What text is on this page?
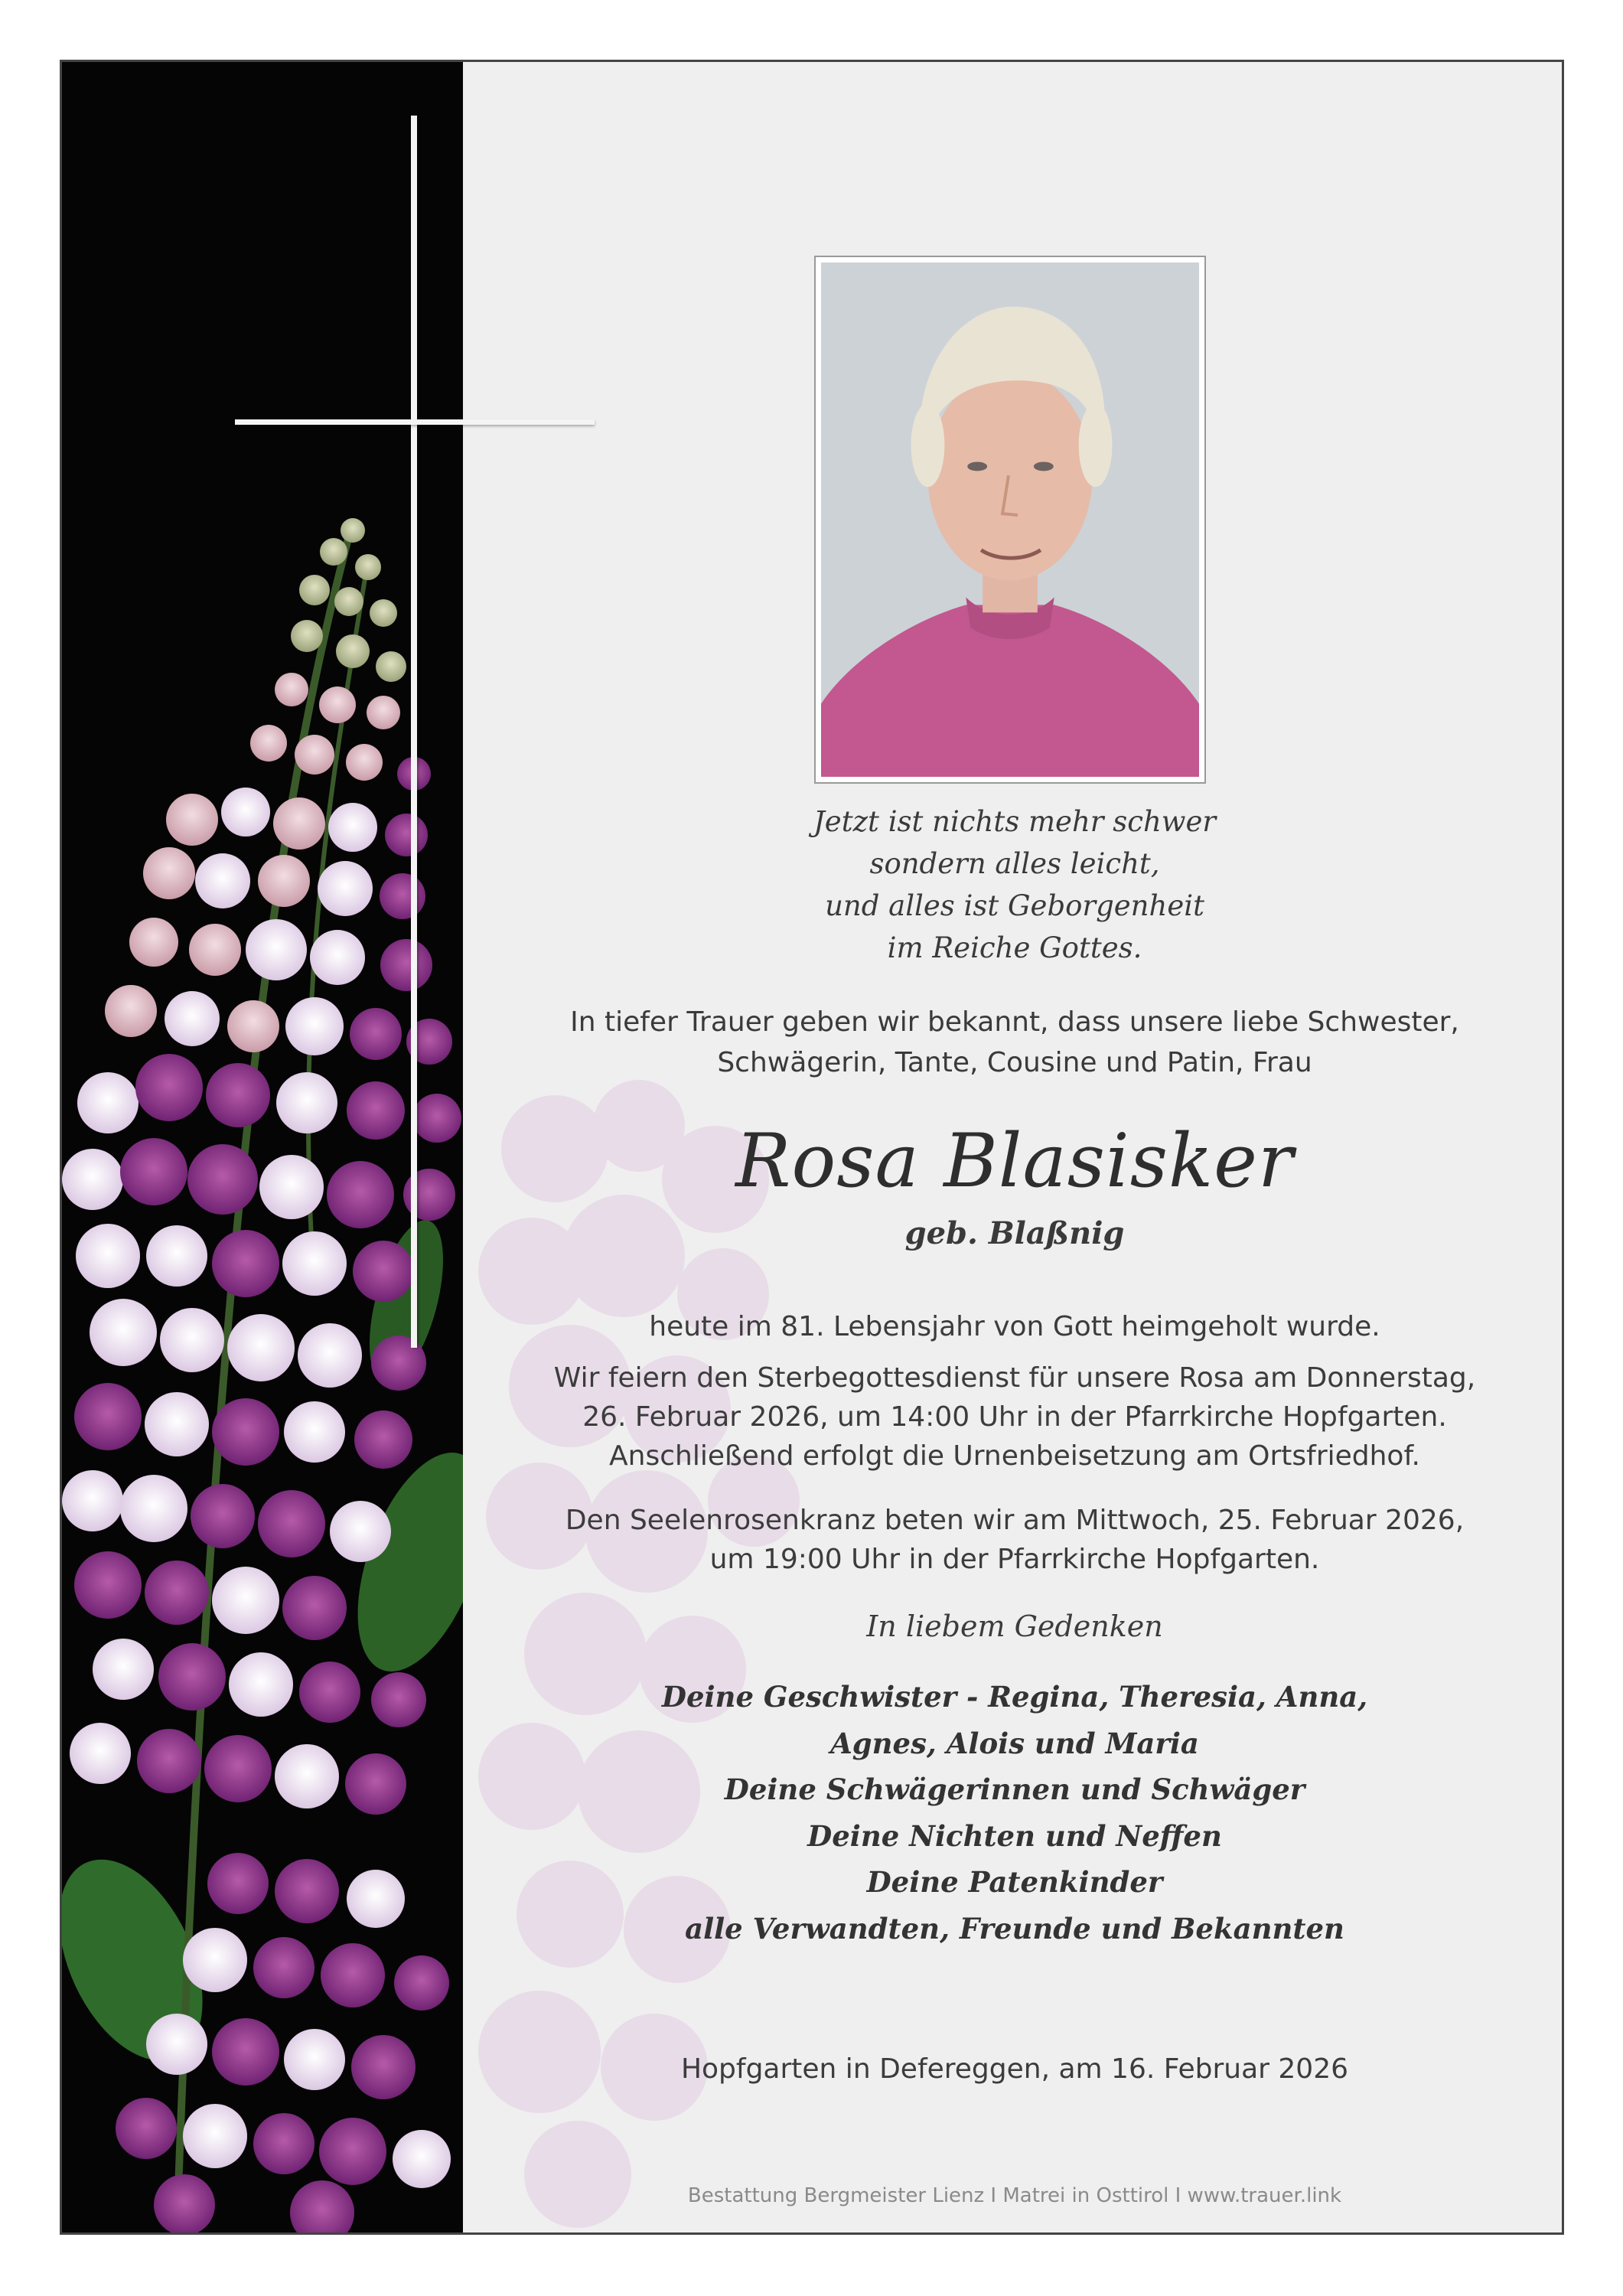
Jetzt ist nichts mehr schwer
sondern alles leicht,
und alles ist Geborgenheit
im Reiche Gottes.
In tiefer Trauer geben wir bekannt, dass unsere liebe Schwester,
Schwägerin, Tante, Cousine und Patin, Frau
Rosa Blasisker
geb. Blaßnig
heute im 81. Lebensjahr von Gott heimgeholt wurde.
Wir feiern den Sterbegottesdienst für unsere Rosa am Donnerstag,
26. Februar 2026, um 14:00 Uhr in der Pfarrkirche Hopfgarten.
Anschließend erfolgt die Urnenbeisetzung am Ortsfriedhof.
Den Seelenrosenkranz beten wir am Mittwoch, 25. Februar 2026,
um 19:00 Uhr in der Pfarrkirche Hopfgarten.
In liebem Gedenken
Deine Geschwister - Regina, Theresia, Anna,
Agnes, Alois und Maria
Deine Schwägerinnen und Schwäger
Deine Nichten und Neffen
Deine Patenkinder
alle Verwandten, Freunde und Bekannten
Hopfgarten in Defereggen, am 16. Februar 2026
Bestattung Bergmeister Lienz I Matrei in Osttirol I www.trauer.link
